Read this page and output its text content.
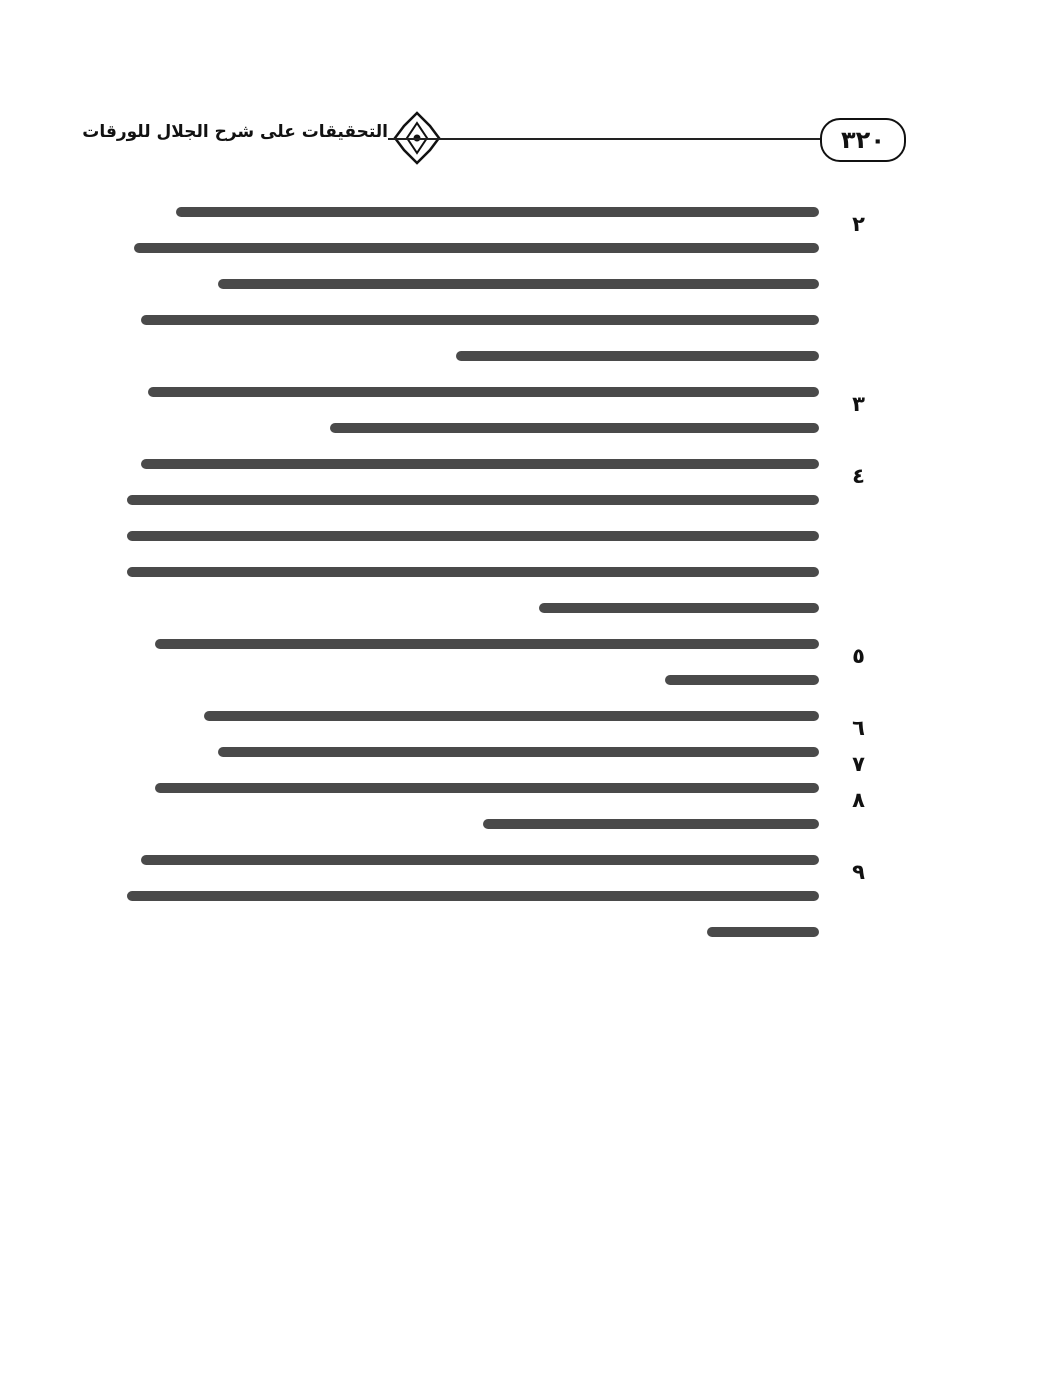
التحقيقات على شرح الجلال للورقات	٣٢٠
٢
٣
٤
٥
٦
٧
٨
٩
